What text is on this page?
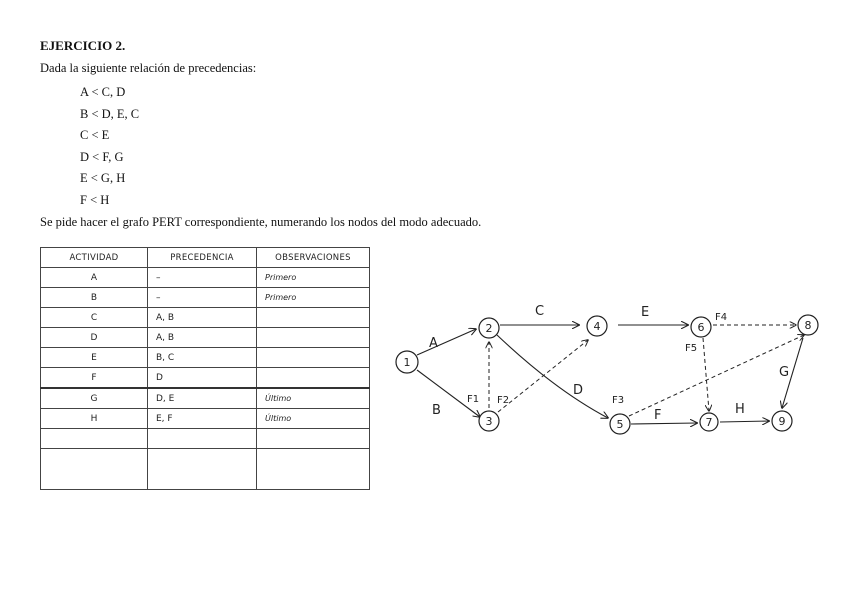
EJERCICIO 2.
Dada la siguiente relación de precedencias:
A < C, D
B < D, E, C
C < E
D < F, G
E < G, H
F < H
Se pide hacer el grafo PERT correspondiente, numerando los nodos del modo adecuado.
ACTIVIDAD	PRECEDENCIA	OBSERVACIONES
A	–	Primero
B	–	Primero
C	A, B	
D	A, B	
E	B, C	
F	D	
G	D, E	Último
H	E, F	Último

1
2
3
4
5
6
7
8
9
A
B
C
D
E
F
G
H
F1 F2	F3
F4
F5
